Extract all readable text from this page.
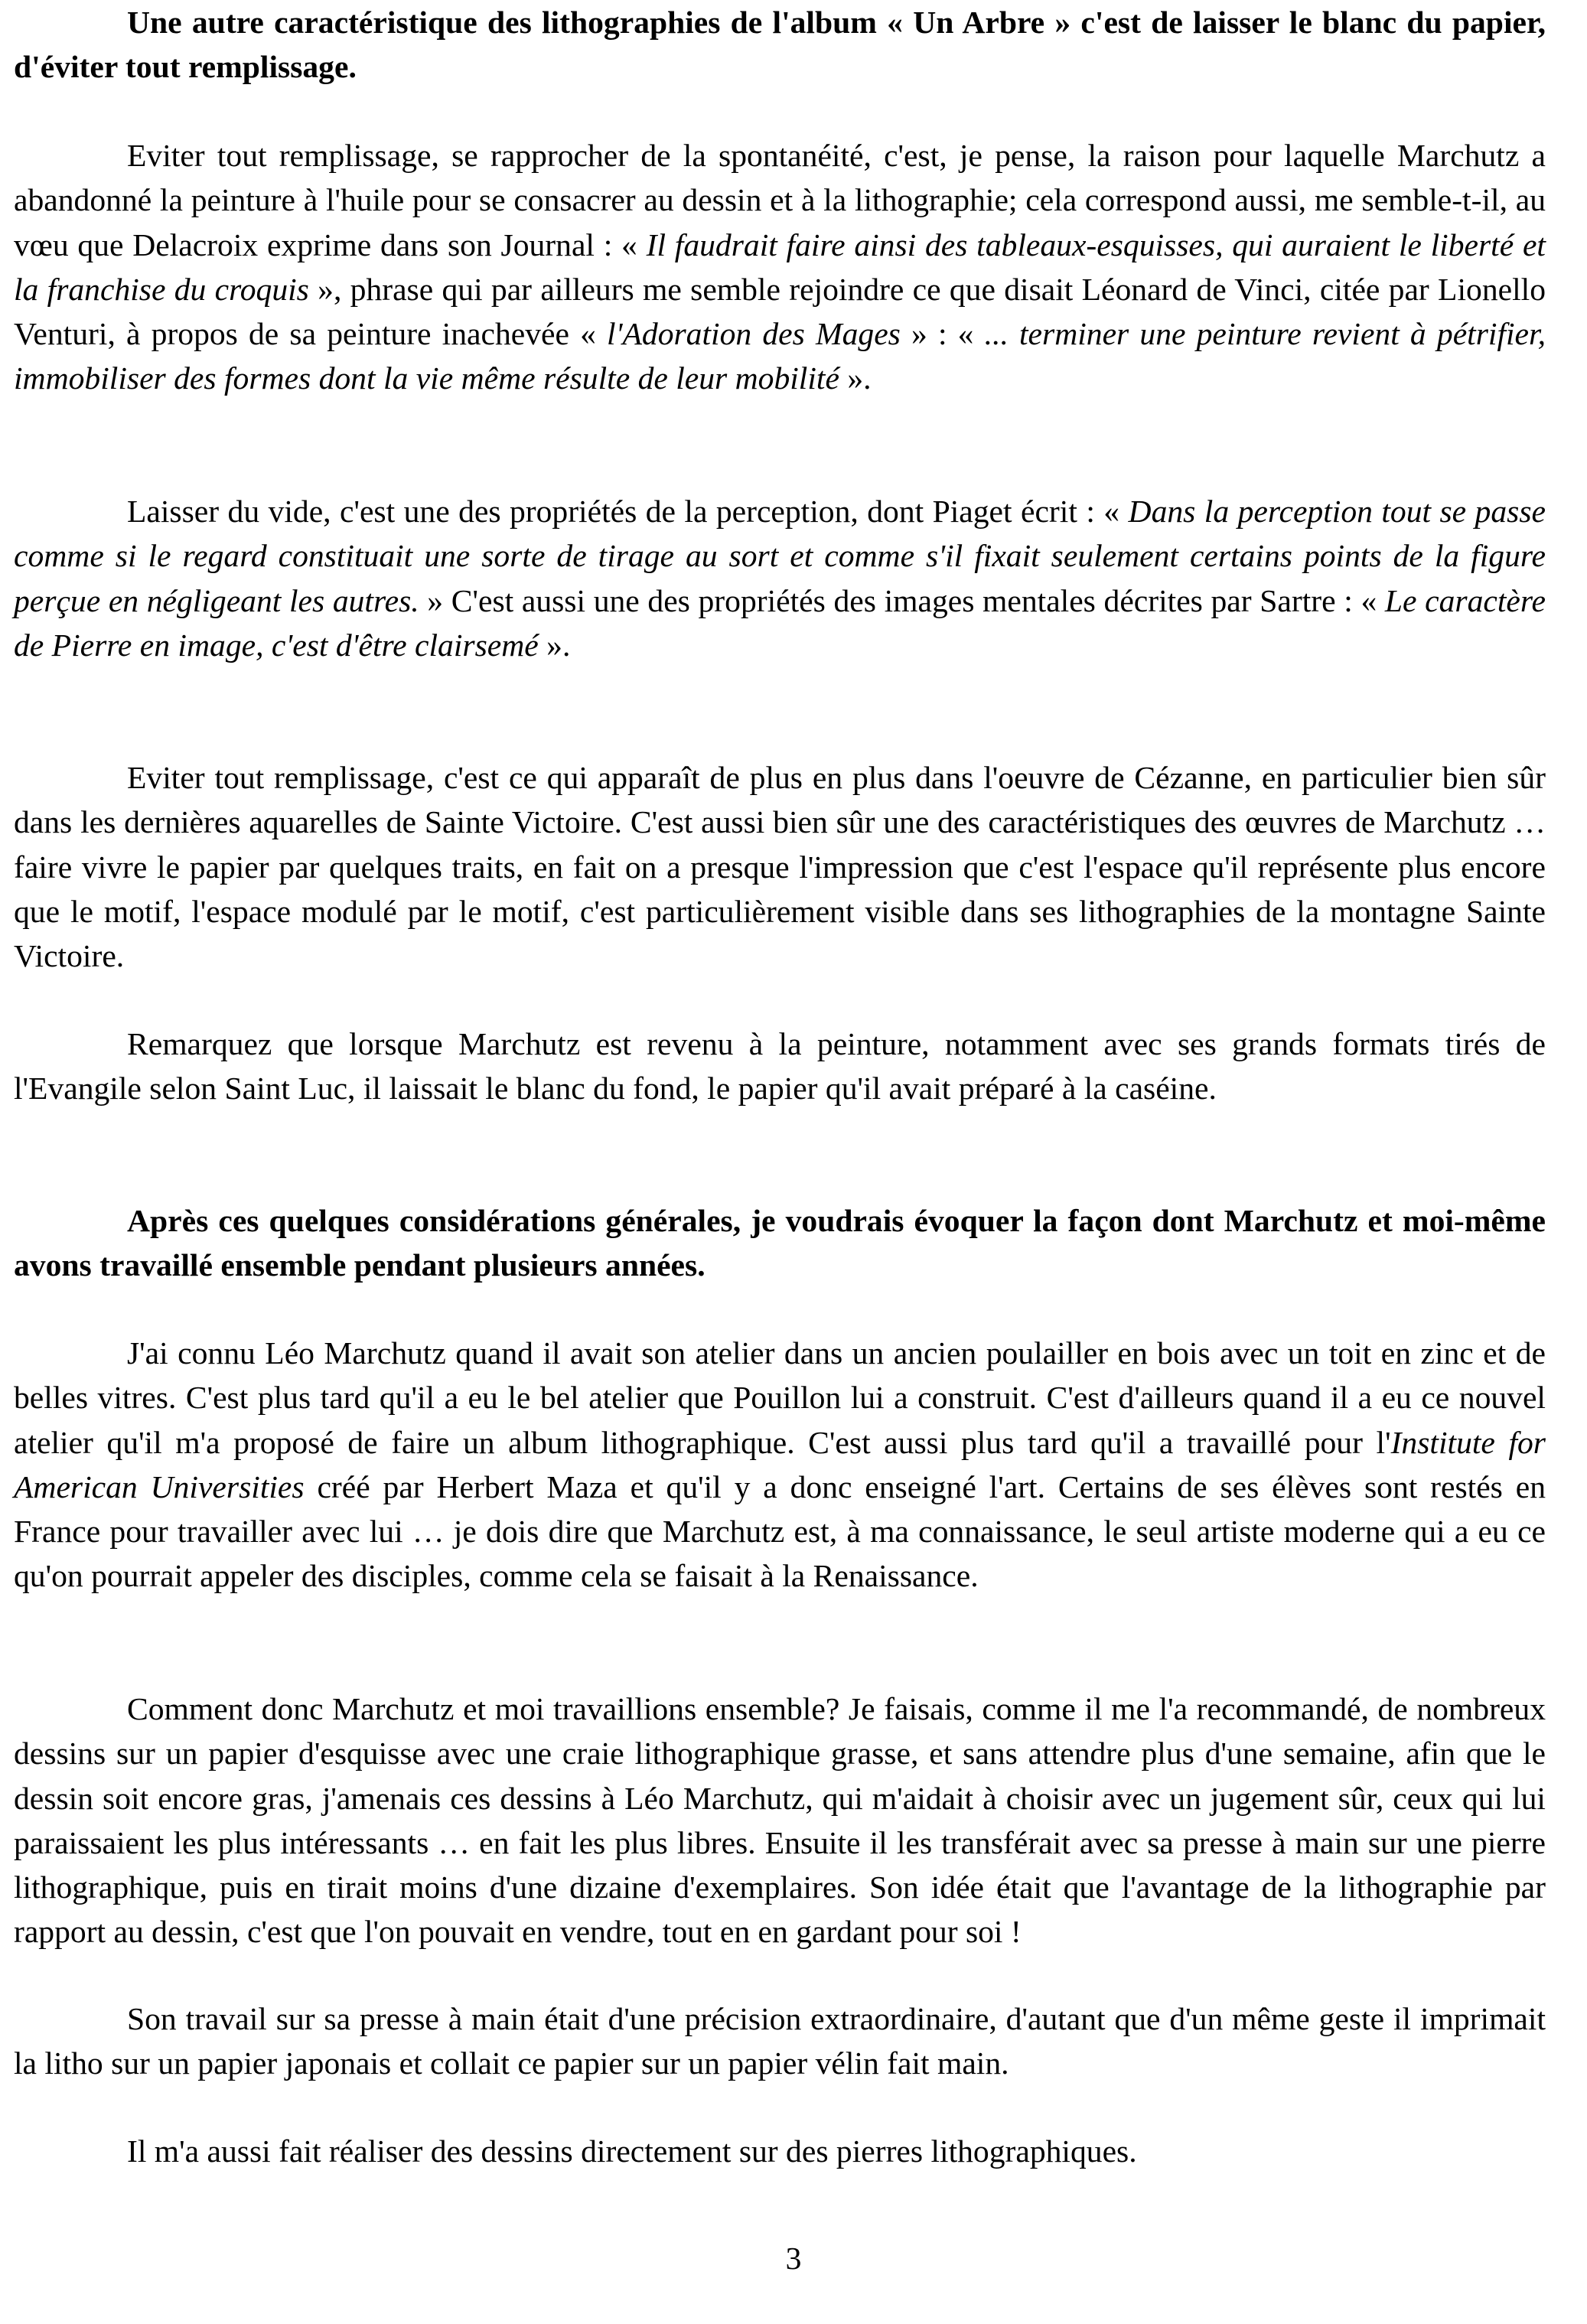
Une autre caractéristique des lithographies de l'album « Un Arbre » c'est de laisser le blanc du papier, d'éviter tout remplissage.

Eviter tout remplissage, se rapprocher de la spontanéité, c'est, je pense, la raison pour laquelle Marchutz a abandonné la peinture à l'huile pour se consacrer au dessin et à la lithographie; cela correspond aussi, me semble-t-il, au vœu que Delacroix exprime dans son Journal : « Il faudrait faire ainsi des tableaux-esquisses, qui auraient le liberté et la franchise du croquis », phrase qui par ailleurs me semble rejoindre ce que disait Léonard de Vinci, citée par Lionello Venturi, à propos de sa peinture inachevée « l'Adoration des Mages » : « ... terminer une peinture revient à pétrifier, immobiliser des formes dont la vie même résulte de leur mobilité ».

Laisser du vide, c'est une des propriétés de la perception, dont Piaget écrit : « Dans la perception tout se passe comme si le regard constituait une sorte de tirage au sort et comme s'il fixait seulement certains points de la figure perçue en négligeant les autres. » C'est aussi une des propriétés des images mentales décrites par Sartre : « Le caractère de Pierre en image, c'est d'être clairsemé ».

Eviter tout remplissage, c'est ce qui apparaît de plus en plus dans l'oeuvre de Cézanne, en particulier bien sûr dans les dernières aquarelles de Sainte Victoire. C'est aussi bien sûr une des caractéristiques des œuvres de Marchutz … faire vivre le papier par quelques traits, en fait on a presque l'impression que c'est l'espace qu'il représente plus encore que le motif, l'espace modulé par le motif, c'est particulièrement visible dans ses lithographies de la montagne Sainte Victoire.

Remarquez que lorsque Marchutz est revenu à la peinture, notamment avec ses grands formats tirés de l'Evangile selon Saint Luc, il laissait le blanc du fond, le papier qu'il avait préparé à la caséine.

Après ces quelques considérations générales, je voudrais évoquer la façon dont Marchutz et moi-même avons travaillé ensemble pendant plusieurs années.

J'ai connu Léo Marchutz quand il avait son atelier dans un ancien poulailler en bois avec un toit en zinc et de belles vitres. C'est plus tard qu'il a eu le bel atelier que Pouillon lui a construit. C'est d'ailleurs quand il a eu ce nouvel atelier qu'il m'a proposé de faire un album lithographique. C'est aussi plus tard qu'il a travaillé pour l'Institute for American Universities créé par Herbert Maza et qu'il y a donc enseigné l'art. Certains de ses élèves sont restés en France pour travailler avec lui … je dois dire que Marchutz est, à ma connaissance, le seul artiste moderne qui a eu ce qu'on pourrait appeler des disciples, comme cela se faisait à la Renaissance.

Comment donc Marchutz et moi travaillions ensemble? Je faisais, comme il me l'a recommandé, de nombreux dessins sur un papier d'esquisse avec une craie lithographique grasse, et sans attendre plus d'une semaine, afin que le dessin soit encore gras, j'amenais ces dessins à Léo Marchutz, qui m'aidait à choisir avec un jugement sûr, ceux qui lui paraissaient les plus intéressants … en fait les plus libres. Ensuite il les transférait avec sa presse à main sur une pierre lithographique, puis en tirait moins d'une dizaine d'exemplaires. Son idée était que l'avantage de la lithographie par rapport au dessin, c'est que l'on pouvait en vendre, tout en en gardant pour soi !

Son travail sur sa presse à main était d'une précision extraordinaire, d'autant que d'un même geste il imprimait la litho sur un papier japonais et collait ce papier sur un papier vélin fait main.

Il m'a aussi fait réaliser des dessins directement sur des pierres lithographiques.

3
